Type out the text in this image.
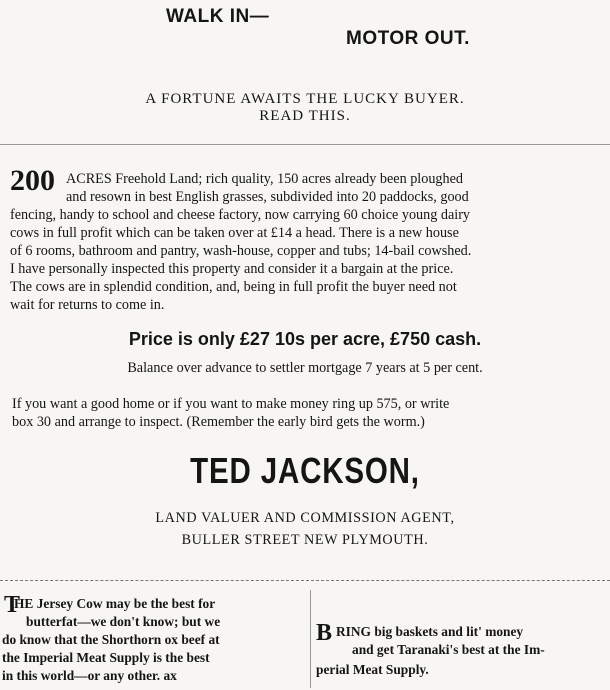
WALK IN—
MOTOR OUT.
A FORTUNE AWAITS THE LUCKY BUYER.
READ THIS.
200 ACRES Freehold Land; rich quality, 150 acres already been ploughed
and resown in best English grasses, subdivided into 20 paddocks, good
fencing, handy to school and cheese factory, now carrying 60 choice young dairy
cows in full profit which can be taken over at £14 a head. There is a new house
of 6 rooms, bathroom and pantry, wash-house, copper and tubs; 14-bail cowshed.
I have personally inspected this property and consider it a bargain at the price.
The cows are in splendid condition, and, being in full profit the buyer need not
wait for returns to come in.
Price is only £27 10s per acre, £750 cash.
Balance over advance to settler mortgage 7 years at 5 per cent.
If you want a good home or if you want to make money ring up 575, or write
box 30 and arrange to inspect. (Remember the early bird gets the worm.)
TED JACKSON,
LAND VALUER AND COMMISSION AGENT,
BULLER STREET NEW PLYMOUTH.
T
HE Jersey Cow may be the best for
butterfat—we don't know; but we
do know that the Shorthorn ox beef at
the Imperial Meat Supply is the best
in this world—or any other. ax
B RING big baskets and lit' money
and get Taranaki's best at the Im-
perial Meat Supply.
